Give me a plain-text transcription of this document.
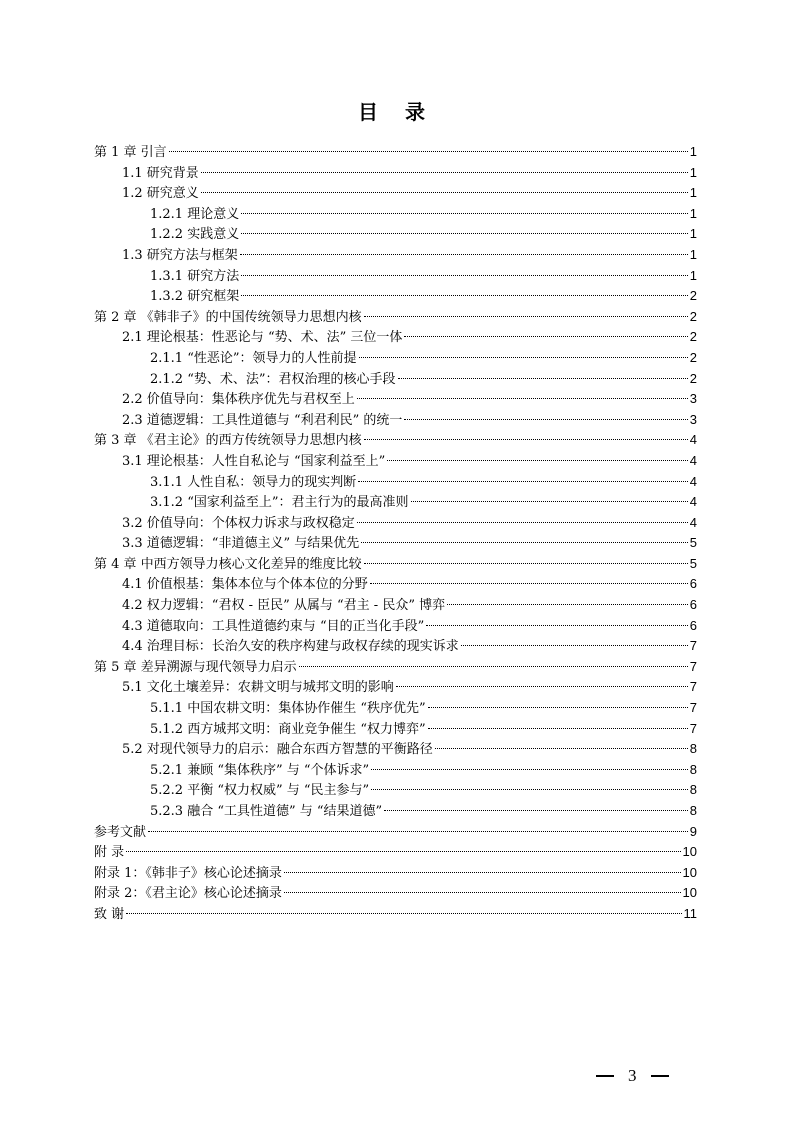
目 录
第 1 章 引言	1
1.1 研究背景	1
1.2 研究意义	1
1.2.1 理论意义	1
1.2.2 实践意义	1
1.3 研究方法与框架	1
1.3.1 研究方法	1
1.3.2 研究框架	2
第 2 章 《韩非子》的中国传统领导力思想内核	2
2.1 理论根基：性恶论与 “势、术、法” 三位一体	2
2.1.1 “性恶论”：领导力的人性前提	2
2.1.2 “势、术、法”：君权治理的核心手段	2
2.2 价值导向：集体秩序优先与君权至上	3
2.3 道德逻辑：工具性道德与 “利君利民” 的统一	3
第 3 章 《君主论》的西方传统领导力思想内核	4
3.1 理论根基：人性自私论与 “国家利益至上”	4
3.1.1 人性自私：领导力的现实判断	4
3.1.2 “国家利益至上”：君主行为的最高准则	4
3.2 价值导向：个体权力诉求与政权稳定	4
3.3 道德逻辑：“非道德主义” 与结果优先	5
第 4 章 中西方领导力核心文化差异的维度比较	5
4.1 价值根基：集体本位与个体本位的分野	6
4.2 权力逻辑：“君权 - 臣民” 从属与 “君主 - 民众” 博弈	6
4.3 道德取向：工具性道德约束与 “目的正当化手段”	6
4.4 治理目标：长治久安的秩序构建与政权存续的现实诉求	7
第 5 章 差异溯源与现代领导力启示	7
5.1 文化土壤差异：农耕文明与城邦文明的影响	7
5.1.1 中国农耕文明：集体协作催生 “秩序优先”	7
5.1.2 西方城邦文明：商业竞争催生 “权力博弈”	7
5.2 对现代领导力的启示：融合东西方智慧的平衡路径	8
5.2.1 兼顾 “集体秩序” 与 “个体诉求”	8
5.2.2 平衡 “权力权威” 与 “民主参与”	8
5.2.3 融合 “工具性道德” 与 “结果道德”	8
参考文献	9
附 录	10
附录 1：《韩非子》核心论述摘录	10
附录 2：《君主论》核心论述摘录	10
致 谢	11
3
